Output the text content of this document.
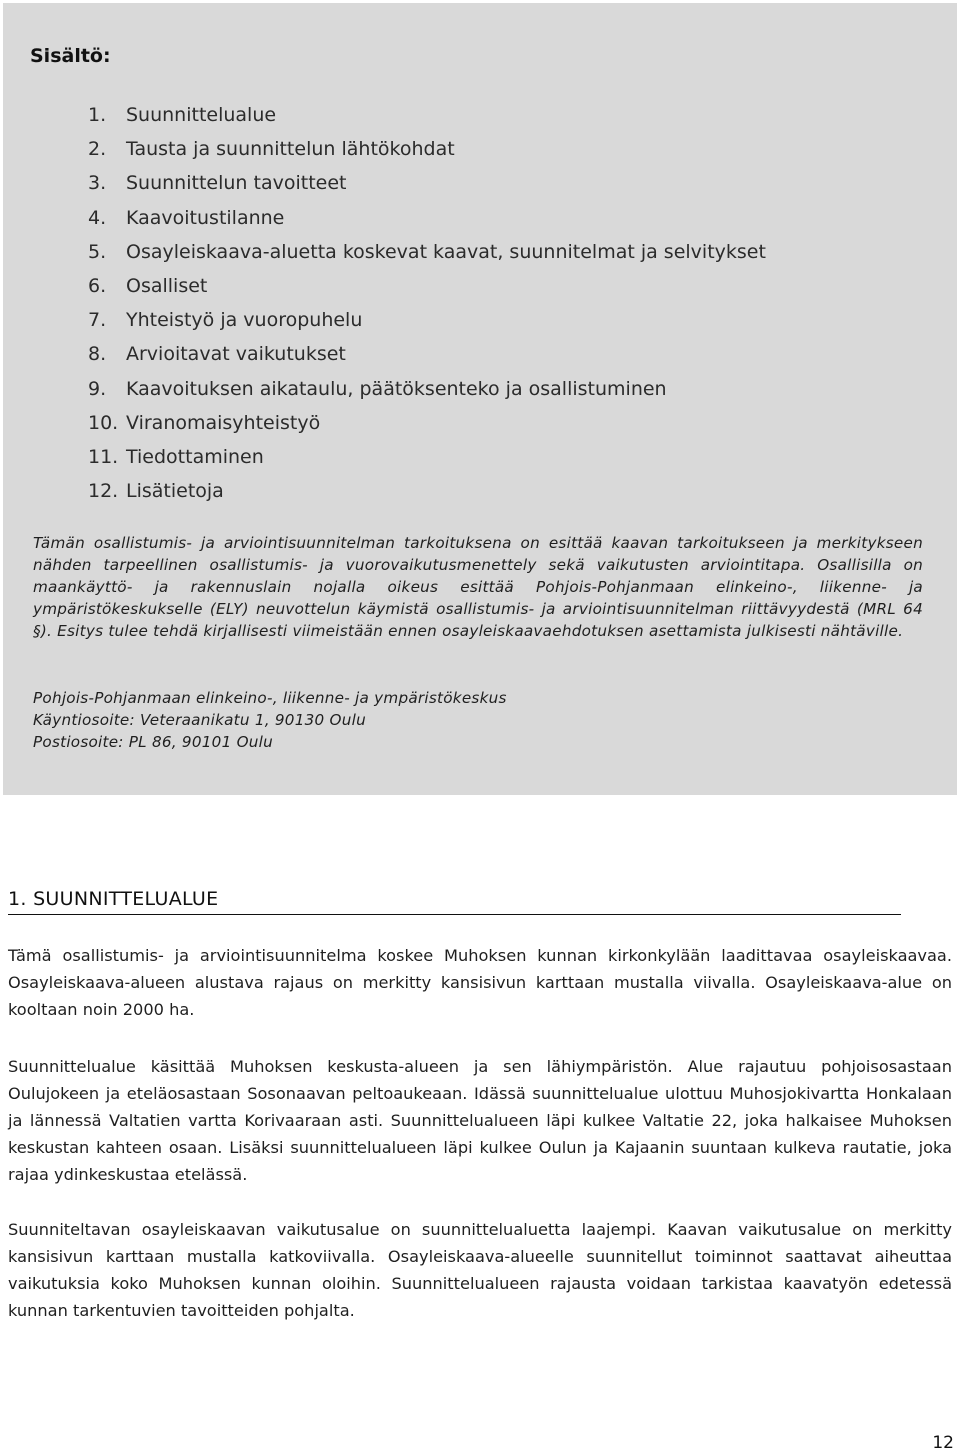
Sisältö:
1. Suunnittelualue
2. Tausta ja suunnittelun lähtökohdat
3. Suunnittelun tavoitteet
4. Kaavoitustilanne
5. Osayleiskaava-aluetta koskevat kaavat, suunnitelmat ja selvitykset
6. Osalliset
7. Yhteistyö ja vuoropuhelu
8. Arvioitavat vaikutukset
9. Kaavoituksen aikataulu, päätöksenteko ja osallistuminen
10. Viranomaisyhteistyö
11. Tiedottaminen
12. Lisätietoja

Tämän osallistumis- ja arviointisuunnitelman tarkoituksena on esittää kaavan tarkoitukseen ja merkitykseen nähden tarpeellinen osallistumis- ja vuorovaikutusmenettely sekä vaikutusten arviointitapa. Osallisilla on maankäyttö- ja rakennuslain nojalla oikeus esittää Pohjois-Pohjanmaan elinkeino-, liikenne- ja ympäristökeskukselle (ELY) neuvottelun käymistä osallistumis- ja arviointisuunnitelman riittävyydestä (MRL 64 §). Esitys tulee tehdä kirjallisesti viimeistään ennen osayleiskaavaehdotuksen asettamista julkisesti nähtäville.

Pohjois-Pohjanmaan elinkeino-, liikenne- ja ympäristökeskus
Käyntiosoite: Veteraanikatu 1, 90130 Oulu
Postiosoite: PL 86, 90101 Oulu
1. SUUNNITTELUALUE

Tämä osallistumis- ja arviointisuunnitelma koskee Muhoksen kunnan kirkonkylään laadittavaa osayleiskaavaa. Osayleiskaava-alueen alustava rajaus on merkitty kansisivun karttaan mustalla viivalla. Osayleiskaava-alue on kooltaan noin 2000 ha.

Suunnittelualue käsittää Muhoksen keskusta-alueen ja sen lähiympäristön. Alue rajautuu pohjoisosastaan Oulujokeen ja eteläosastaan Sosonaavan peltoaukeaan. Idässä suunnittelualue ulottuu Muhosjokivartta Honkalaan ja lännessä Valtatien vartta Korivaaraan asti. Suunnittelualueen läpi kulkee Valtatie 22, joka halkaisee Muhoksen keskustan kahteen osaan. Lisäksi suunnittelualueen läpi kulkee Oulun ja Kajaanin suuntaan kulkeva rautatie, joka rajaa ydinkeskustaa etelässä.

Suunniteltavan osayleiskaavan vaikutusalue on suunnittelualuetta laajempi. Kaavan vaikutusalue on merkitty kansisivun karttaan mustalla katkoviivalla. Osayleiskaava-alueelle suunnitellut toiminnot saattavat aiheuttaa vaikutuksia koko Muhoksen kunnan oloihin. Suunnittelualueen rajausta voidaan tarkistaa kaavatyön edetessä kunnan tarkentuvien tavoitteiden pohjalta.

12
